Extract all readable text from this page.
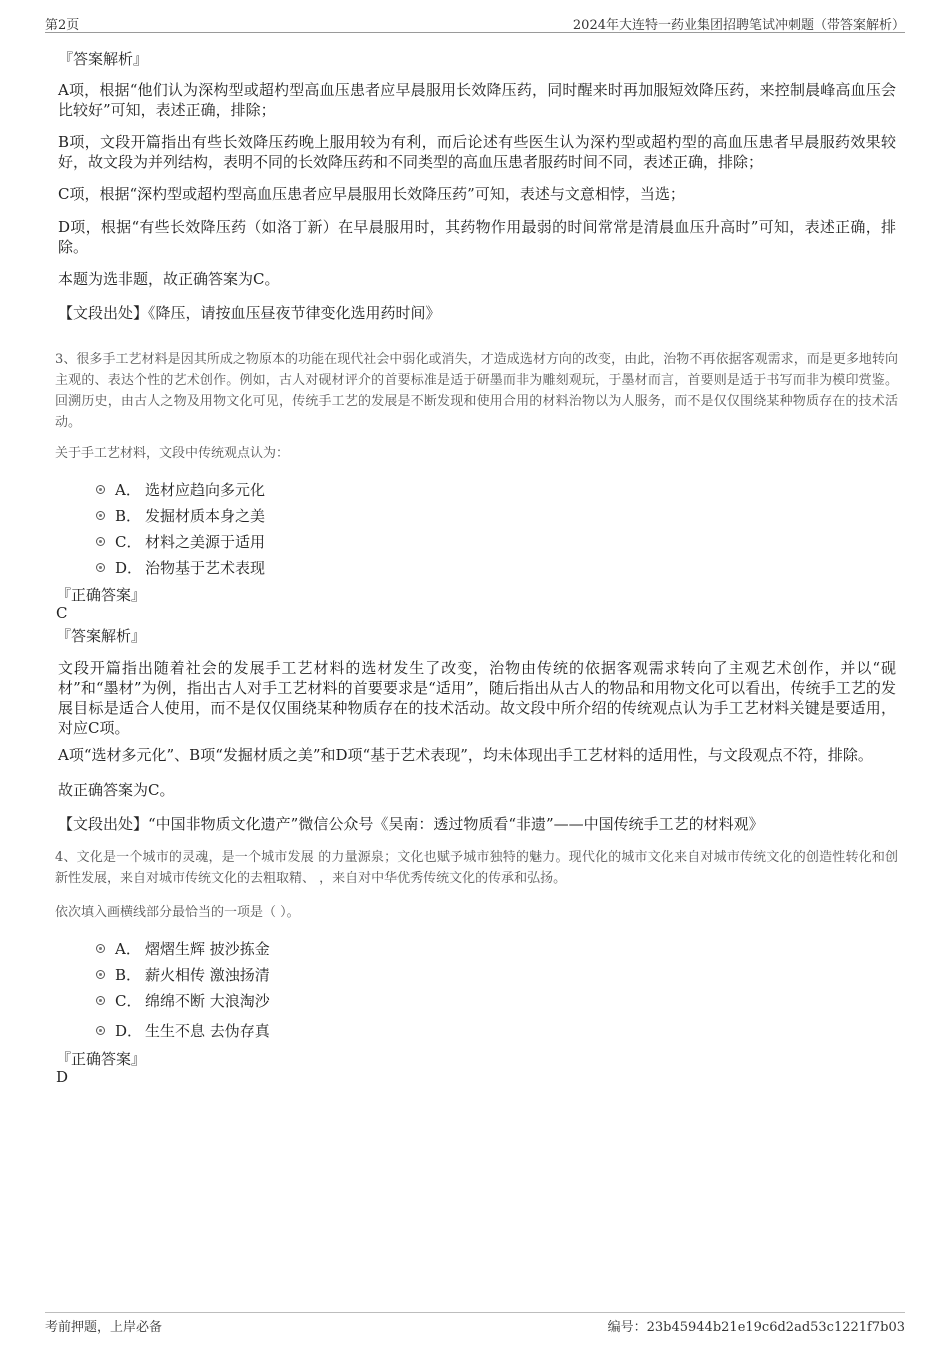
第2页	2024年大连特一药业集团招聘笔试冲刺题（带答案解析）
『答案解析』

A项，根据“他们认为深构型或超杓型高血压患者应早晨服用长效降压药，同时醒来时再加服短效降压药，来控制晨峰高血压会比较好”可知，表述正确，排除；

B项，文段开篇指出有些长效降压药晚上服用较为有利，而后论述有些医生认为深杓型或超杓型的高血压患者早晨服药效果较好，故文段为并列结构，表明不同的长效降压药和不同类型的高血压患者服药时间不同，表述正确，排除；

C项，根据“深杓型或超杓型高血压患者应早晨服用长效降压药”可知，表述与文意相悖，当选；

D项，根据“有些长效降压药（如洛丁新）在早晨服用时，其药物作用最弱的时间常常是清晨血压升高时”可知，表述正确，排除。

本题为选非题，故正确答案为C。

【文段出处】《降压，请按血压昼夜节律变化选用药时间》

3、很多手工艺材料是因其所成之物原本的功能在现代社会中弱化或消失，才造成选材方向的改变，由此，治物不再依据客观需求，而是更多地转向主观的、表达个性的艺术创作。例如，古人对砚材评介的首要标准是适于研墨而非为雕刻观玩，于墨材而言，首要则是适于书写而非为模印赏鉴。回溯历史，由古人之物及用物文化可见，传统手工艺的发展是不断发现和使用合用的材料治物以为人服务，而不是仅仅围绕某种物质存在的技术活动。

关于手工艺材料，文段中传统观点认为：

A． 选材应趋向多元化
B． 发掘材质本身之美
C． 材料之美源于适用
D． 治物基于艺术表现
『正确答案』
C
『答案解析』

文段开篇指出随着社会的发展手工艺材料的选材发生了改变，治物由传统的依据客观需求转向了主观艺术创作，并以“砚材”和“墨材”为例，指出古人对手工艺材料的首要要求是“适用”，随后指出从古人的物品和用物文化可以看出，传统手工艺的发展目标是适合人使用，而不是仅仅围绕某种物质存在的技术活动。故文段中所介绍的传统观点认为手工艺材料关键是要适用，对应C项。

A项“选材多元化”、B项“发掘材质之美”和D项“基于艺术表现”，均未体现出手工艺材料的适用性，与文段观点不符，排除。

故正确答案为C。

【文段出处】“中国非物质文化遗产”微信公众号《吴南：透过物质看“非遗”——中国传统手工艺的材料观》

4、文化是一个城市的灵魂，是一个城市发展 的力量源泉；文化也赋予城市独特的魅力。现代化的城市文化来自对城市传统文化的创造性转化和创新性发展，来自对城市传统文化的去粗取精、 ，来自对中华优秀传统文化的传承和弘扬。

依次填入画横线部分最恰当的一项是（ ）。

A． 熠熠生辉 披沙拣金
B． 薪火相传 激浊扬清
C． 绵绵不断 大浪淘沙
D． 生生不息 去伪存真
『正确答案』
D
考前押题，上岸必备	编号：23b45944b21e19c6d2ad53c1221f7b03
